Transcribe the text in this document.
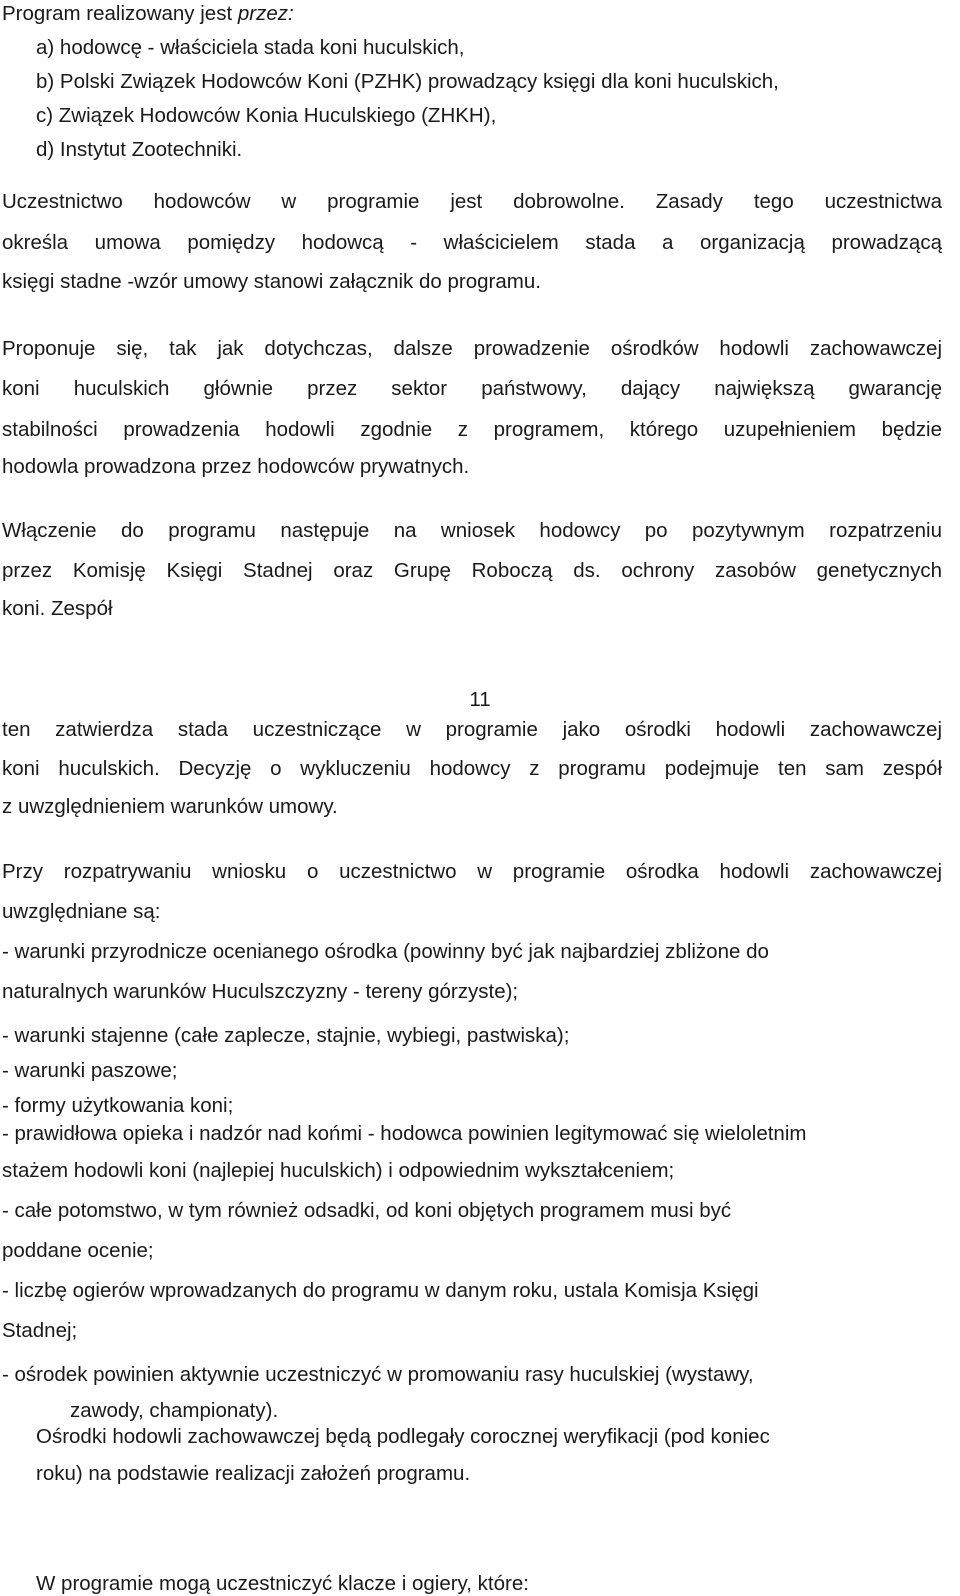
Program realizowany jest przez:
a) hodowcę - właściciela stada koni huculskich,
b) Polski Związek Hodowców Koni (PZHK) prowadzący księgi dla koni huculskich,
c) Związek Hodowców Konia Huculskiego (ZHKH),
d) Instytut Zootechniki.
Uczestnictwo hodowców w programie jest dobrowolne. Zasady tego uczestnictwa
określa umowa pomiędzy hodowcą - właścicielem stada a organizacją prowadzącą
księgi stadne -wzór umowy stanowi załącznik do programu.
Proponuje się, tak jak dotychczas, dalsze prowadzenie ośrodków hodowli zachowawczej
koni huculskich głównie przez sektor państwowy, dający największą gwarancję
stabilności prowadzenia hodowli zgodnie z programem, którego uzupełnieniem będzie
hodowla prowadzona przez hodowców prywatnych.
Włączenie do programu następuje na wniosek hodowcy po pozytywnym rozpatrzeniu
przez Komisję Księgi Stadnej oraz Grupę Roboczą ds. ochrony zasobów genetycznych
koni. Zespół
11
ten zatwierdza stada uczestniczące w programie jako ośrodki hodowli zachowawczej
koni huculskich. Decyzję o wykluczeniu hodowcy z programu podejmuje ten sam zespół
z uwzględnieniem warunków umowy.
Przy rozpatrywaniu wniosku o uczestnictwo w programie ośrodka hodowli zachowawczej
uwzględniane są:
- warunki przyrodnicze ocenianego ośrodka (powinny być jak najbardziej zbliżone do
naturalnych warunków Huculszczyzny - tereny górzyste);
- warunki stajenne (całe zaplecze, stajnie, wybiegi, pastwiska);
- warunki paszowe;
- formy użytkowania koni;
- prawidłowa opieka i nadzór nad końmi - hodowca powinien legitymować się wieloletnim
stażem hodowli koni (najlepiej huculskich) i odpowiednim wykształceniem;
- całe potomstwo, w tym również odsadki, od koni objętych programem musi być
poddane ocenie;
- liczbę ogierów wprowadzanych do programu w danym roku, ustala Komisja Księgi
Stadnej;
- ośrodek powinien aktywnie uczestniczyć w promowaniu rasy huculskiej (wystawy,
zawody, championaty).
Ośrodki hodowli zachowawczej będą podlegały corocznej weryfikacji (pod koniec
roku) na podstawie realizacji założeń programu.
W programie mogą uczestniczyć klacze i ogiery, które:
